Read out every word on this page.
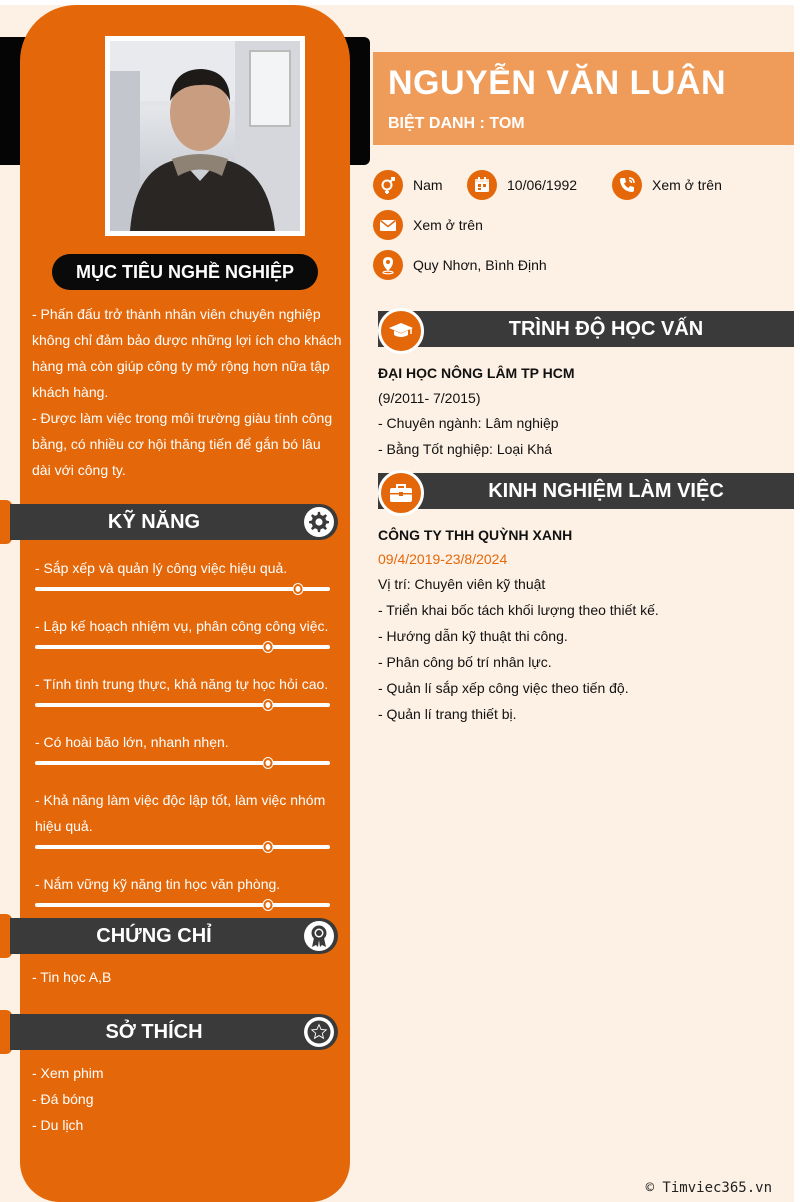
MỤC TIÊU NGHỀ NGHIỆP
- Phấn đấu trở thành nhân viên chuyên nghiệp không chỉ đảm bảo được những lợi ích cho khách hàng mà còn giúp công ty mở rộng hơn nữa tập khách hàng.
- Được làm việc trong môi trường giàu tính công bằng, có nhiều cơ hội thăng tiến để gắn bó lâu dài với công ty.
KỸ NĂNG
- Sắp xếp và quản lý công việc hiệu quả.
- Lập kế hoạch nhiệm vụ, phân công công việc.
- Tính tình trung thực, khả năng tự học hỏi cao.
- Có hoài bão lớn, nhanh nhẹn.
- Khả năng làm việc độc lập tốt, làm việc nhóm hiệu quả.
- Nắm vững kỹ năng tin học văn phòng.
CHỨNG CHỈ
- Tin học A,B
SỞ THÍCH
- Xem phim
- Đá bóng
- Du lịch
NGUYỄN VĂN LUÂN
BIỆT DANH : TOM
Nam	10/06/1992	Xem ở trên
Xem ở trên
Quy Nhơn, Bình Định
TRÌNH ĐỘ HỌC VẤN
ĐẠI HỌC NÔNG LÂM TP HCM
(9/2011- 7/2015)
- Chuyên ngành: Lâm nghiệp
- Bằng Tốt nghiệp: Loại Khá
KINH NGHIỆM LÀM VIỆC
CÔNG TY THH QUỲNH XANH
09/4/2019-23/8/2024
Vị trí: Chuyên viên kỹ thuật
- Triển khai bốc tách khối lượng theo thiết kế.
- Hướng dẫn kỹ thuật thi công.
- Phân công bố trí nhân lực.
- Quản lí sắp xếp công việc theo tiến độ.
- Quản lí trang thiết bị.
© Timviec365.vn
